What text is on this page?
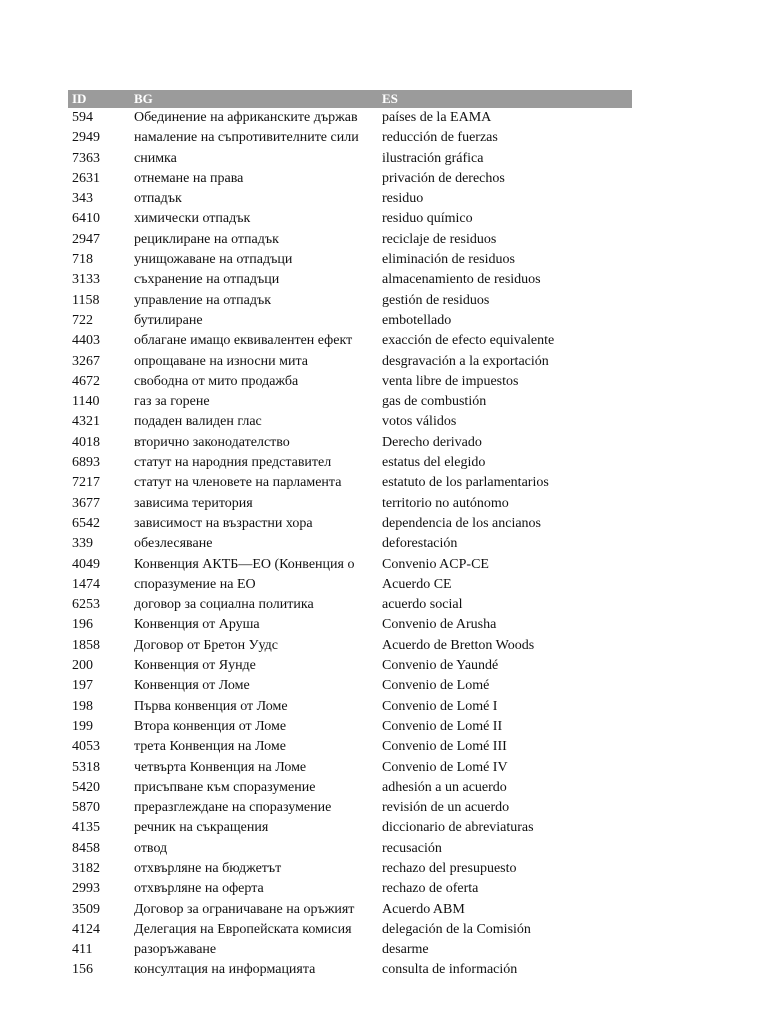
ID	BG	ES
594	Обединение на африканските държав	países de la EAMA
2949	намаление на съпротивителните сили	reducción de fuerzas
7363	снимка	ilustración gráfica
2631	отнемане на права	privación de derechos
343	отпадък	residuo
6410	химически отпадък	residuo químico
2947	рециклиране на отпадък	reciclaje de residuos
718	унищожаване на отпадъци	eliminación de residuos
3133	съхранение на отпадъци	almacenamiento de residuos
1158	управление на отпадък	gestión de residuos
722	бутилиране	embotellado
4403	облагане имащо еквивалентен ефект	exacción de efecto equivalente
3267	опрощаване на износни мита	desgravación a la exportación
4672	свободна от мито продажба	venta libre de impuestos
1140	газ за горене	gas de combustión
4321	подаден валиден глас	votos válidos
4018	вторично законодателство	Derecho derivado
6893	статут на народния представител	estatus del elegido
7217	статут на членовете на парламента	estatuto de los parlamentarios
3677	зависима територия	territorio no autónomo
6542	зависимост на възрастни хора	dependencia de los ancianos
339	обезлесяване	deforestación
4049	Конвенция АКТБ—ЕО (Конвенция о	Convenio ACP-CE
1474	споразумение на ЕО	Acuerdo CE
6253	договор за социална политика	acuerdo social
196	Конвенция от Аруша	Convenio de Arusha
1858	Договор от Бретон Уудс	Acuerdo de Bretton Woods
200	Конвенция от Яунде	Convenio de Yaundé
197	Конвенция от Ломе	Convenio de Lomé
198	Първа конвенция от Ломе	Convenio de Lomé I
199	Втора конвенция от Ломе	Convenio de Lomé II
4053	трета Конвенция на Ломе	Convenio de Lomé III
5318	четвърта Конвенция на Ломе	Convenio de Lomé IV
5420	присъпване към споразумение	adhesión a un acuerdo
5870	преразглеждане на споразумение	revisión de un acuerdo
4135	речник на съкращения	diccionario de abreviaturas
8458	отвод	recusación
3182	отхвърляне на бюджетът	rechazo del presupuesto
2993	отхвърляне на оферта	rechazo de oferta
3509	Договор за ограничаване на оръжият	Acuerdo ABM
4124	Делегация на Европейската комисия	delegación de la Comisión
411	разоръжаване	desarme
156	консултация на информацията	consulta de información
